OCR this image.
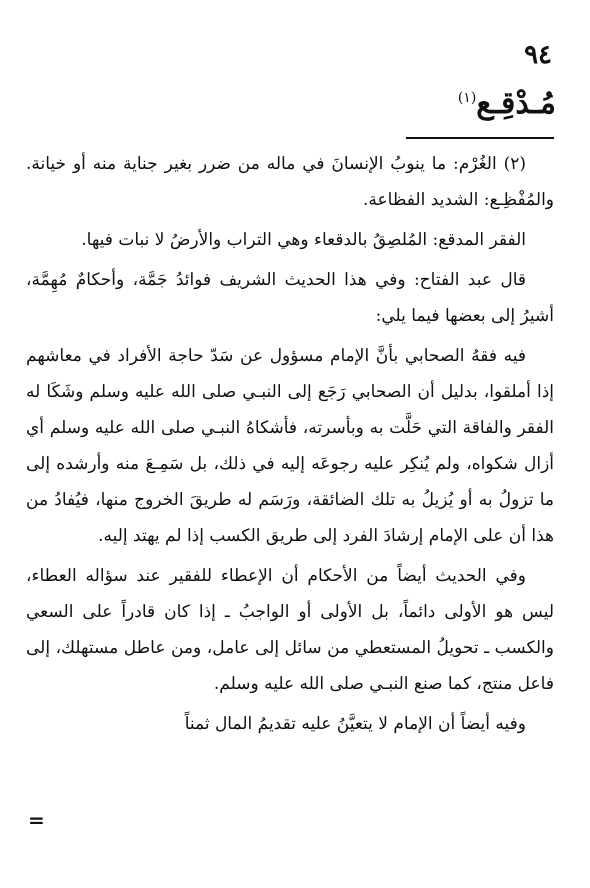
٩٤
مُـدْقِـع$^{(١)}$

(٢) الغُرْم: ما ينوبُ الإنسانَ في ماله من ضرر بغير جناية منه أو خيانة. والمُفْظِـع: الشديد الفظاعة.

الفقر المدقع: المُلصِقُ بالدقعاء وهي التراب والأرضُ لا نبات فيها.

قال عبد الفتاح: وفي هذا الحديث الشريف فوائدُ جَمَّة، وأحكامٌ مُهِمَّة، أشيرُ إلى بعضها فيما يلي:

فيه فقهُ الصحابي بأنَّ الإمام مسؤول عن سَدّ حاجة الأفراد في معاشهم إذا أملقوا، بدليل أن الصحابي رَجَع إلى النبـي صلى الله عليه وسلم وشَكَا له الفقر والفاقة التي حَلَّت به وبأسرته، فأشكاهُ النبـي صلى الله عليه وسلم أي أزال شكواه، ولم يُنكِر عليه رجوعَه إليه في ذلك، بل سَمِـعَ منه وأرشده إلى ما تزولُ به أو يُزيلُ به تلك الضائقة، ورَسَم له طريقَ الخروج منها، فيُفادُ من هذا أن على الإمام إرشادَ الفرد إلى طريق الكسب إذا لم يهتد إليه.

وفي الحديث أيضاً من الأحكام أن الإعطاء للفقير عند سؤاله العطاء، ليس هو الأولى دائماً، بل الأولى أو الواجبُ ـ إذا كان قادراً على السعي والكسب ـ تحويلُ المستعطي من سائل إلى عامل، ومن عاطل مستهلك، إلى فاعل منتج، كما صنع النبـي صلى الله عليه وسلم.

وفيه أيضاً أن الإمام لا يتعيَّنُ عليه تقديمُ المال ثمناً

=
